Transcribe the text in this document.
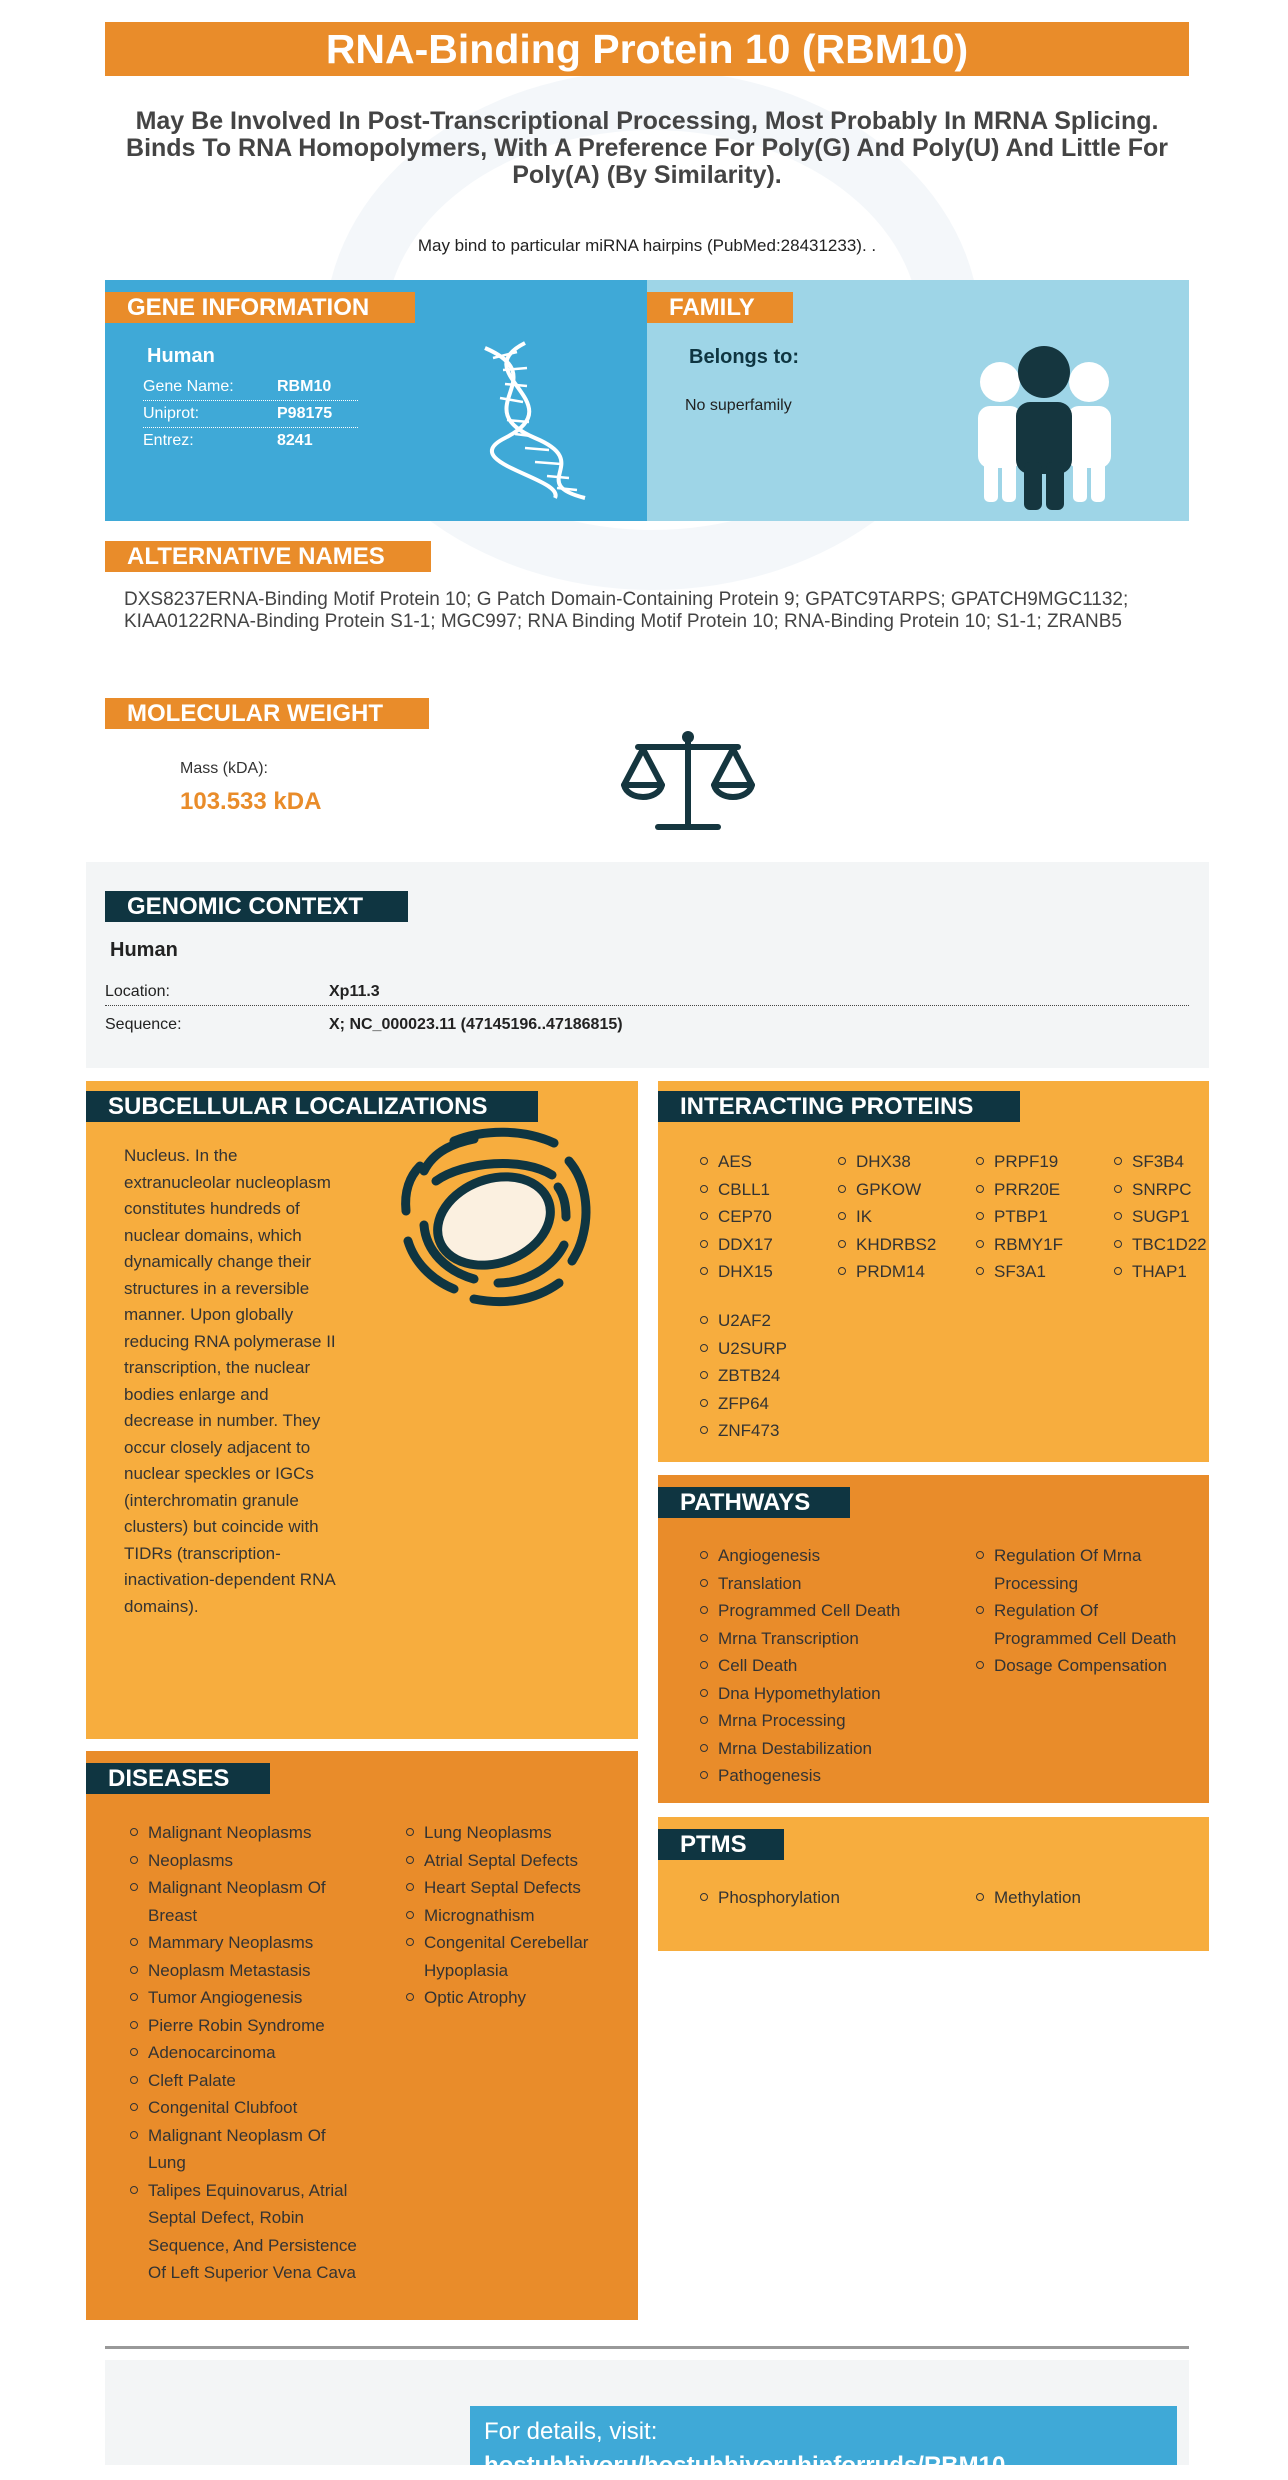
RNA-Binding Protein 10 (RBM10)
May Be Involved In Post-Transcriptional Processing, Most Probably In MRNA Splicing. Binds To RNA Homopolymers, With A Preference For Poly(G) And Poly(U) And Little For Poly(A) (By Similarity).
May bind to particular miRNA hairpins (PubMed:28431233). .
GENE INFORMATION
Human
Gene Name:	RBM10
Uniprot:	P98175
Entrez:	8241
FAMILY
Belongs to:
No superfamily
ALTERNATIVE NAMES
DXS8237ERNA-Binding Motif Protein 10; G Patch Domain-Containing Protein 9; GPATC9TARPS; GPATCH9MGC1132; KIAA0122RNA-Binding Protein S1-1; MGC997; RNA Binding Motif Protein 10; RNA-Binding Protein 10; S1-1; ZRANB5
MOLECULAR WEIGHT
Mass (kDA):
103.533 kDA
GENOMIC CONTEXT
Human
Location:	Xp11.3
Sequence:	X; NC_000023.11 (47145196..47186815)
SUBCELLULAR LOCALIZATIONS
Nucleus. In the extranucleolar nucleoplasm constitutes hundreds of nuclear domains, which dynamically change their structures in a reversible manner. Upon globally reducing RNA polymerase II transcription, the nuclear bodies enlarge and decrease in number. They occur closely adjacent to nuclear speckles or IGCs (interchromatin granule clusters) but coincide with TIDRs (transcription-inactivation-dependent RNA domains).
DISEASES
Malignant Neoplasms
Neoplasms
Malignant Neoplasm Of Breast
Mammary Neoplasms
Neoplasm Metastasis
Tumor Angiogenesis
Pierre Robin Syndrome
Adenocarcinoma
Cleft Palate
Congenital Clubfoot
Malignant Neoplasm Of Lung
Talipes Equinovarus, Atrial Septal Defect, Robin Sequence, And Persistence Of Left Superior Vena Cava
Lung Neoplasms
Atrial Septal Defects
Heart Septal Defects
Micrognathism
Congenital Cerebellar Hypoplasia
Optic Atrophy
INTERACTING PROTEINS
AES
CBLL1
CEP70
DDX17
DHX15
DHX38
GPKOW
IK
KHDRBS2
PRDM14
PRPF19
PRR20E
PTBP1
RBMY1F
SF3A1
SF3B4
SNRPC
SUGP1
TBC1D22
THAP1
U2AF2
U2SURP
ZBTB24
ZFP64
ZNF473
PATHWAYS
Angiogenesis
Translation
Programmed Cell Death
Mrna Transcription
Cell Death
Dna Hypomethylation
Mrna Processing
Mrna Destabilization
Pathogenesis
Regulation Of Mrna Processing
Regulation Of Programmed Cell Death
Dosage Compensation
PTMS
Phosphorylation	Methylation
For details, visit:
hostuhhivoru/hostuhhivoruhinforruds/RBM10
